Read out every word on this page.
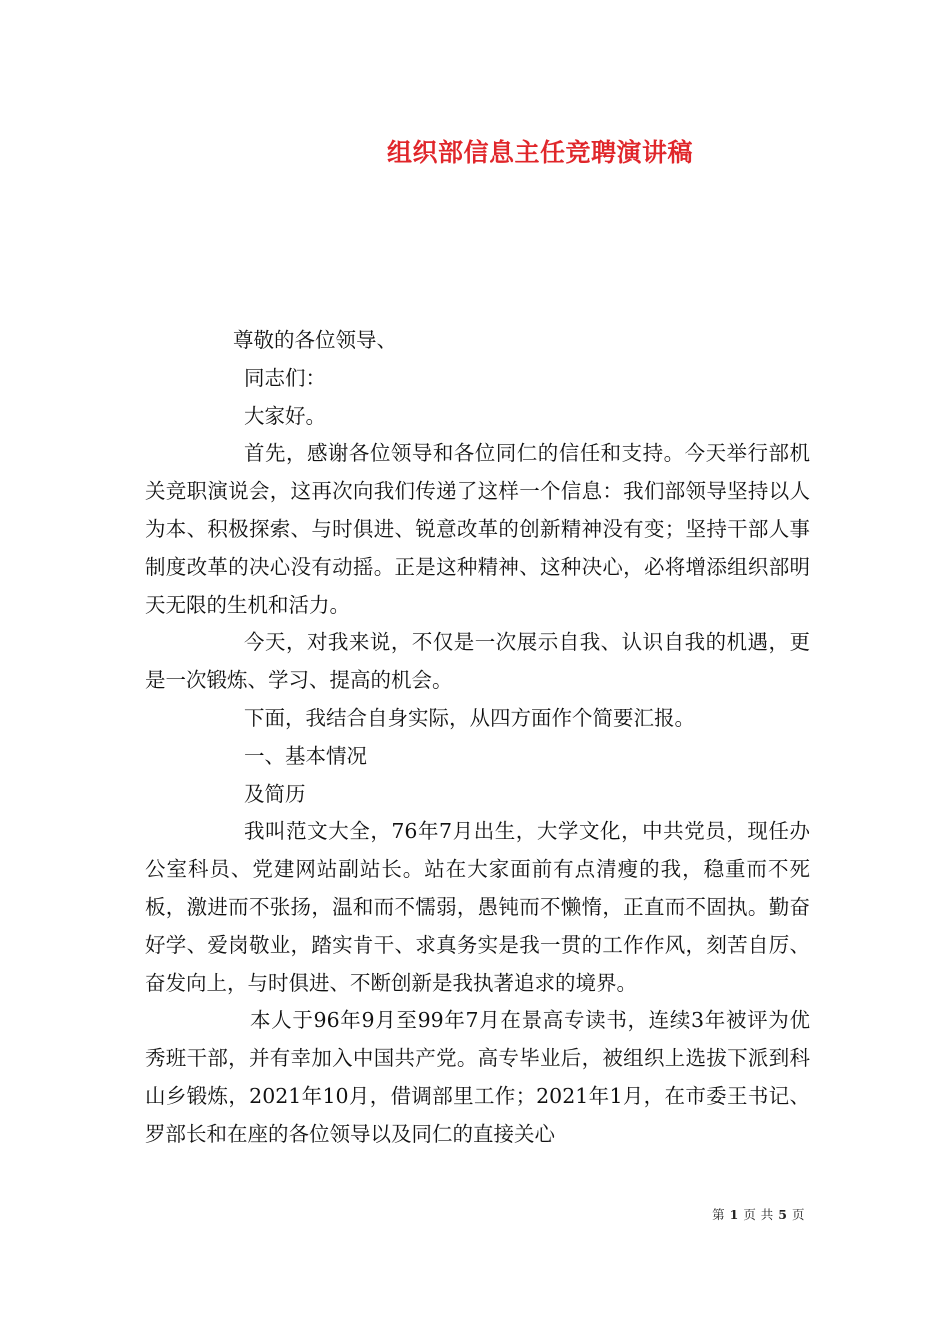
组织部信息主任竞聘演讲稿

尊敬的各位领导、

同志们：

大家好。

首先，感谢各位领导和各位同仁的信任和支持。今天举行部机关竞职演说会，这再次向我们传递了这样一个信息：我们部领导坚持以人为本、积极探索、与时俱进、锐意改革的创新精神没有变；坚持干部人事制度改革的决心没有动摇。正是这种精神、这种决心，必将增添组织部明天无限的生机和活力。

今天，对我来说，不仅是一次展示自我、认识自我的机遇，更是一次锻炼、学习、提高的机会。

下面，我结合自身实际，从四方面作个简要汇报。

一、基本情况

及简历

我叫范文大全，76年7月出生，大学文化，中共党员，现任办公室科员、党建网站副站长。站在大家面前有点清瘦的我，稳重而不死板，激进而不张扬，温和而不懦弱，愚钝而不懒惰，正直而不固执。勤奋好学、爱岗敬业，踏实肯干、求真务实是我一贯的工作作风，刻苦自厉、奋发向上，与时俱进、不断创新是我执著追求的境界。

本人于96年9月至99年7月在景高专读书，连续3年被评为优秀班干部，并有幸加入中国共产党。高专毕业后，被组织上选拔下派到科山乡锻炼，2021年10月，借调部里工作；2021年1月，在市委王书记、罗部长和在座的各位领导以及同仁的直接关心

第 1 页 共 5 页
